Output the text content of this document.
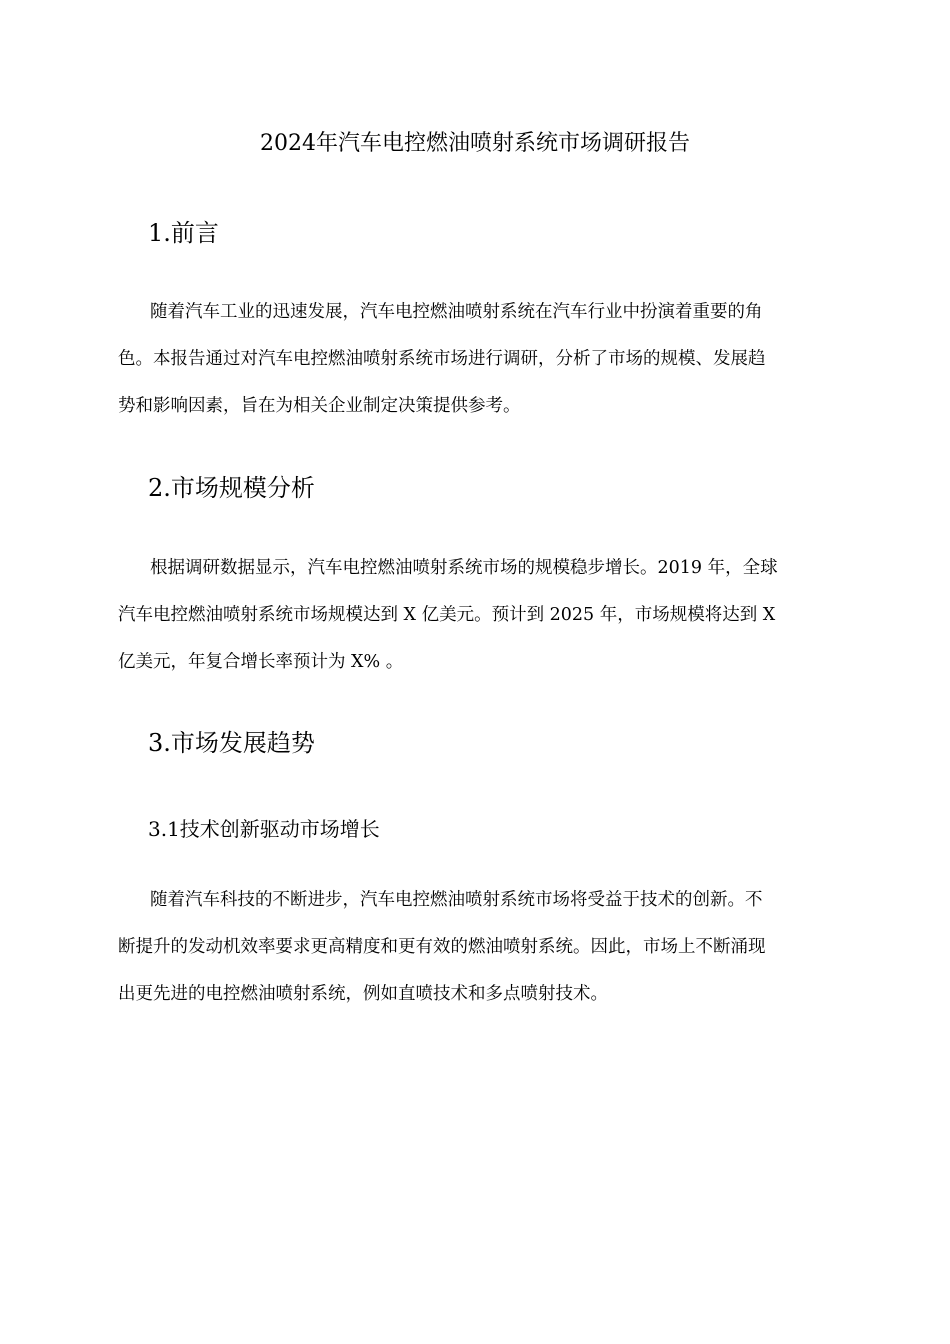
2024年汽车电控燃油喷射系统市场调研报告
1.前言
随着汽车工业的迅速发展，汽车电控燃油喷射系统在汽车行业中扮演着重要的角
色。本报告通过对汽车电控燃油喷射系统市场进行调研，分析了市场的规模、发展趋
势和影响因素，旨在为相关企业制定决策提供参考。
2.市场规模分析
根据调研数据显示，汽车电控燃油喷射系统市场的规模稳步增长。2019 年，全球
汽车电控燃油喷射系统市场规模达到 X 亿美元。预计到 2025 年，市场规模将达到 X
亿美元，年复合增长率预计为 X% 。
3.市场发展趋势
3.1技术创新驱动市场增长
随着汽车科技的不断进步，汽车电控燃油喷射系统市场将受益于技术的创新。不
断提升的发动机效率要求更高精度和更有效的燃油喷射系统。因此，市场上不断涌现
出更先进的电控燃油喷射系统，例如直喷技术和多点喷射技术。
